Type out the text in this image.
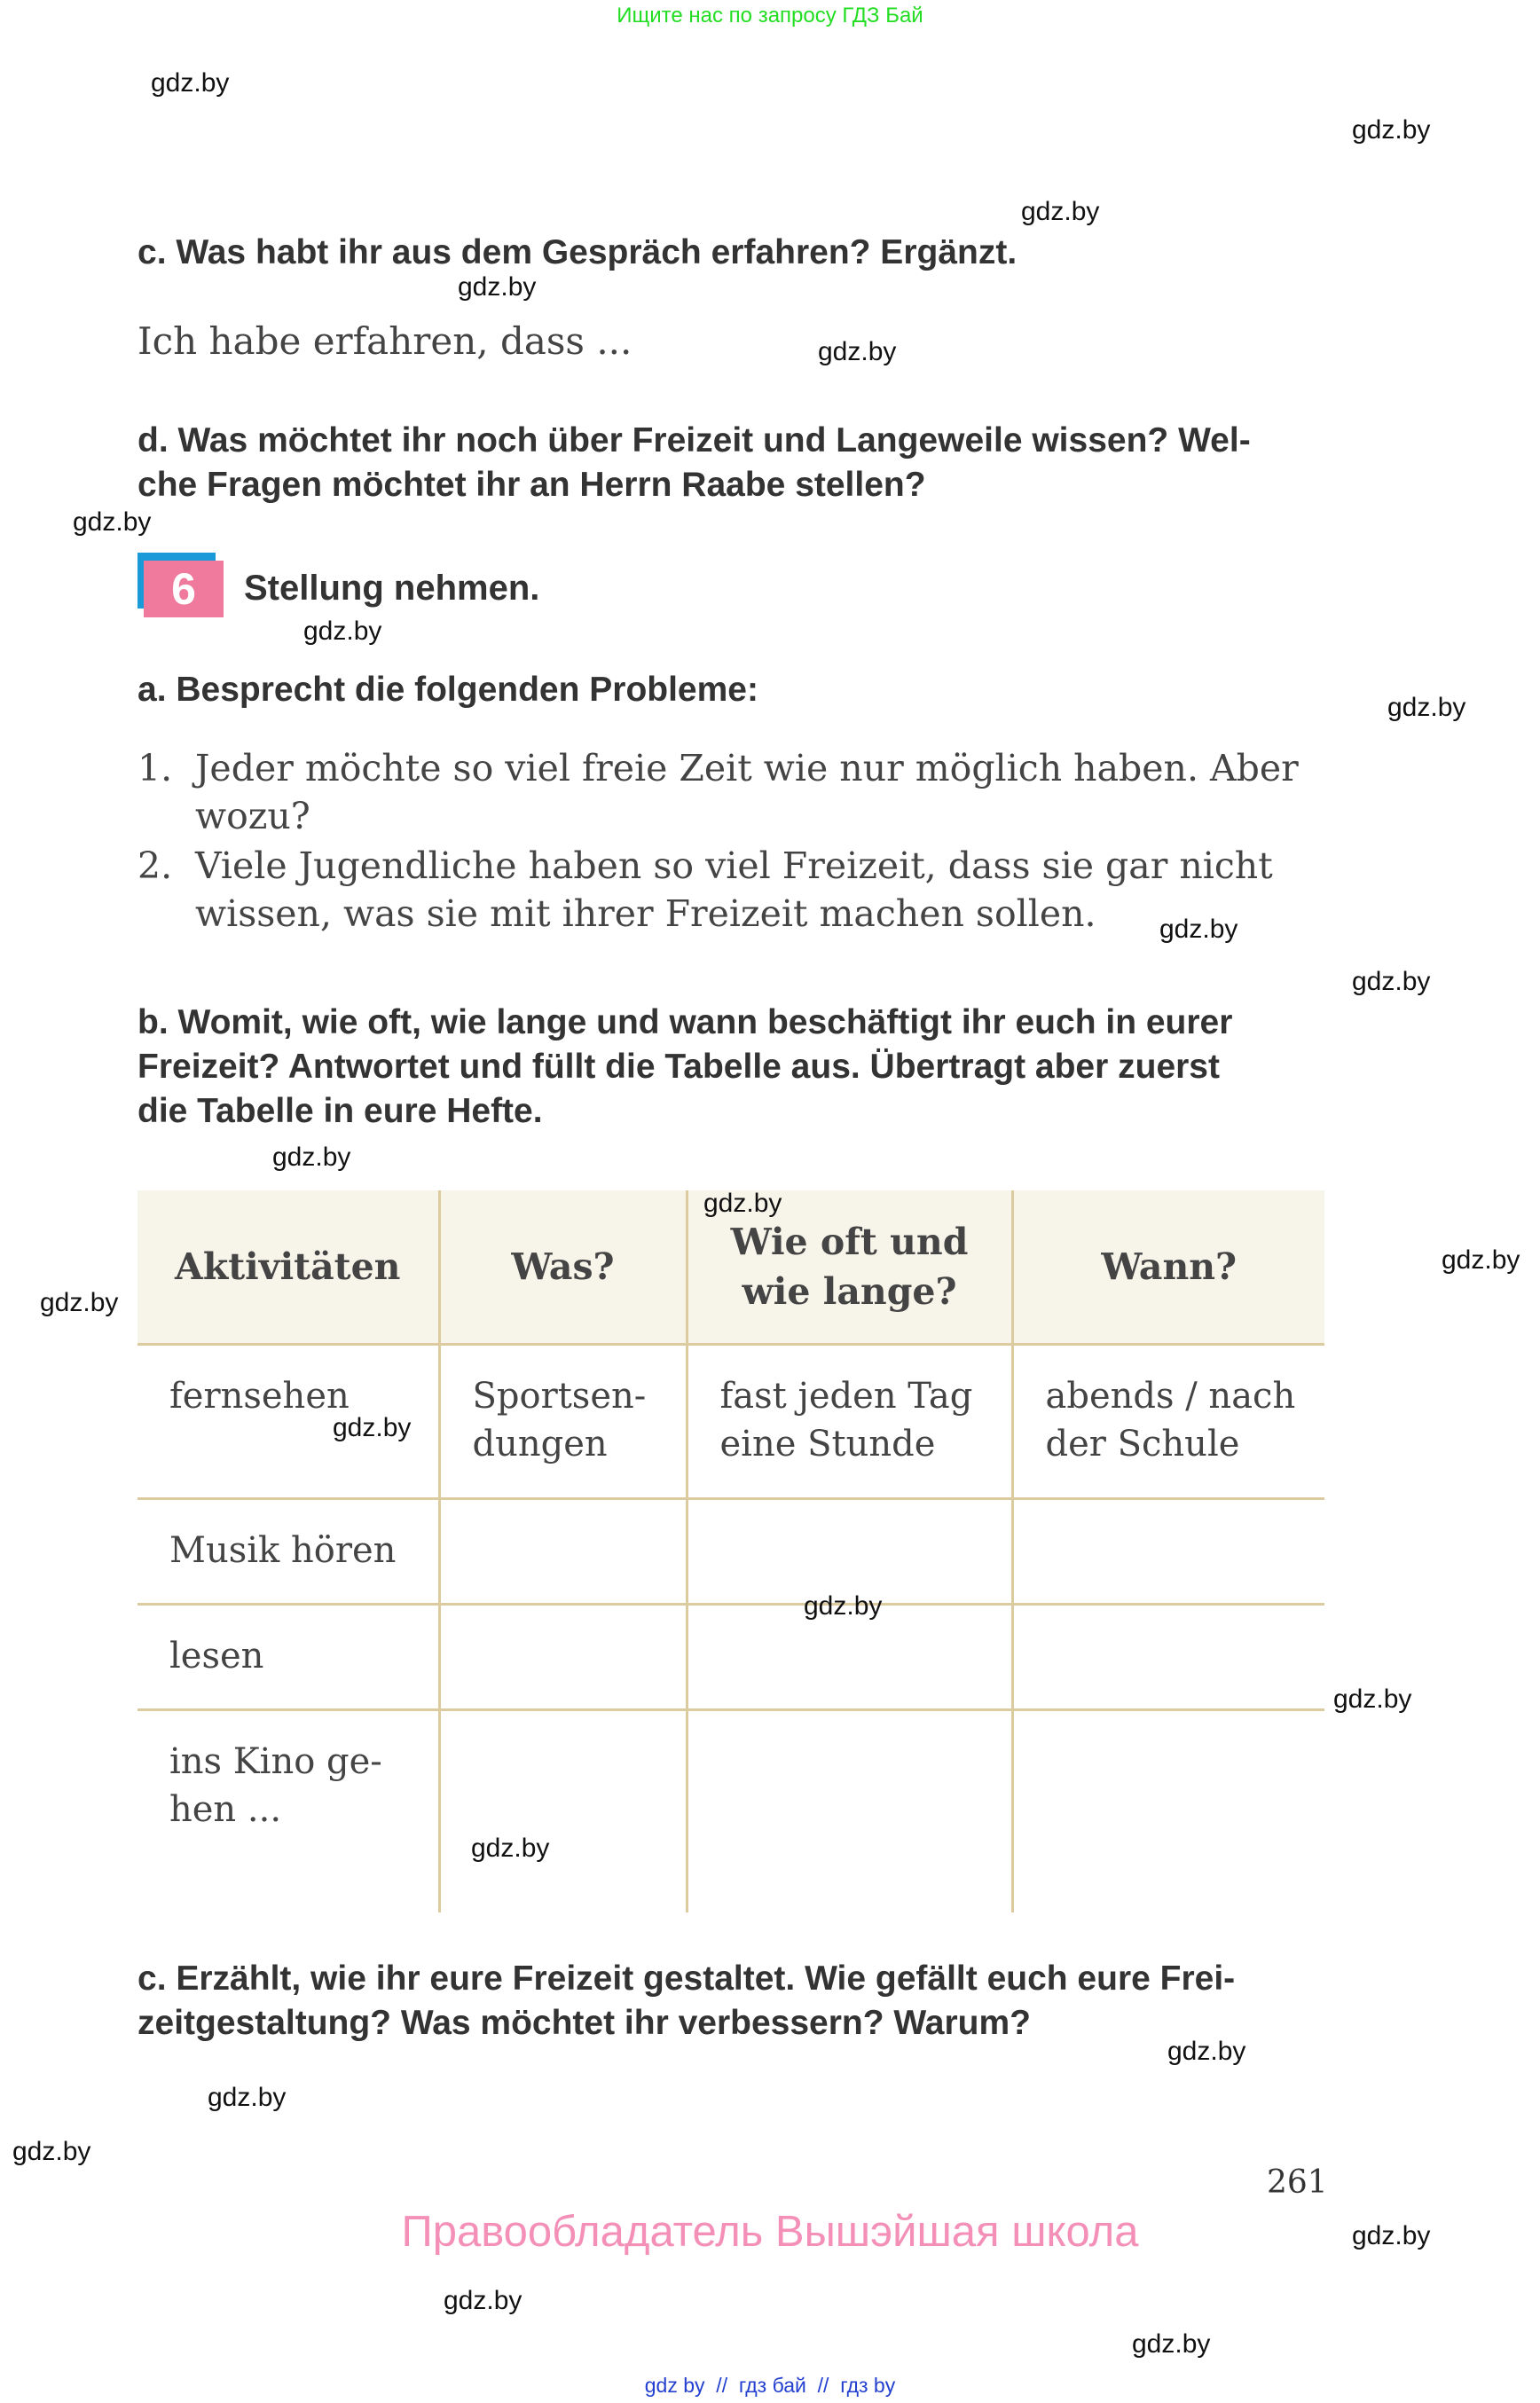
Ищите нас по запросу ГДЗ Бай
c. Was habt ihr aus dem Gespräch erfahren? Ergänzt.
Ich habe erfahren, dass ...
d. Was möchtet ihr noch über Freizeit und Langeweile wissen? Wel-
che Fragen möchtet ihr an Herrn Raabe stellen?
6	Stellung nehmen.
a. Besprecht die folgenden Probleme:
1. Jeder möchte so viel freie Zeit wie nur möglich haben. Aber
wozu?
2. Viele Jugendliche haben so viel Freizeit, dass sie gar nicht
wissen, was sie mit ihrer Freizeit machen sollen.
b. Womit, wie oft, wie lange und wann beschäftigt ihr euch in eurer
Freizeit? Antwortet und füllt die Tabelle aus. Übertragt aber zuerst
die Tabelle in eure Hefte.
Aktivitäten	Was?	Wie oft und wie lange?	Wann?
fernsehen	Sportsen-dungen	fast jeden Tag eine Stunde	abends / nach der Schule
Musik hören			
lesen			
ins Kino ge-hen ...			
c. Erzählt, wie ihr eure Freizeit gestaltet. Wie gefällt euch eure Frei-
zeitgestaltung? Was möchtet ihr verbessern? Warum?
261
Правообладатель Вышэйшая школа
gdz by  //  гдз бай  //  гдз by
gdz.by
gdz.by
gdz.by
gdz.by
gdz.by
gdz.by
gdz.by
gdz.by
gdz.by
gdz.by
gdz.by
gdz.by
gdz.by
gdz.by
gdz.by
gdz.by
gdz.by
gdz.by
gdz.by
gdz.by
gdz.by
gdz.by
gdz.by
gdz.by
